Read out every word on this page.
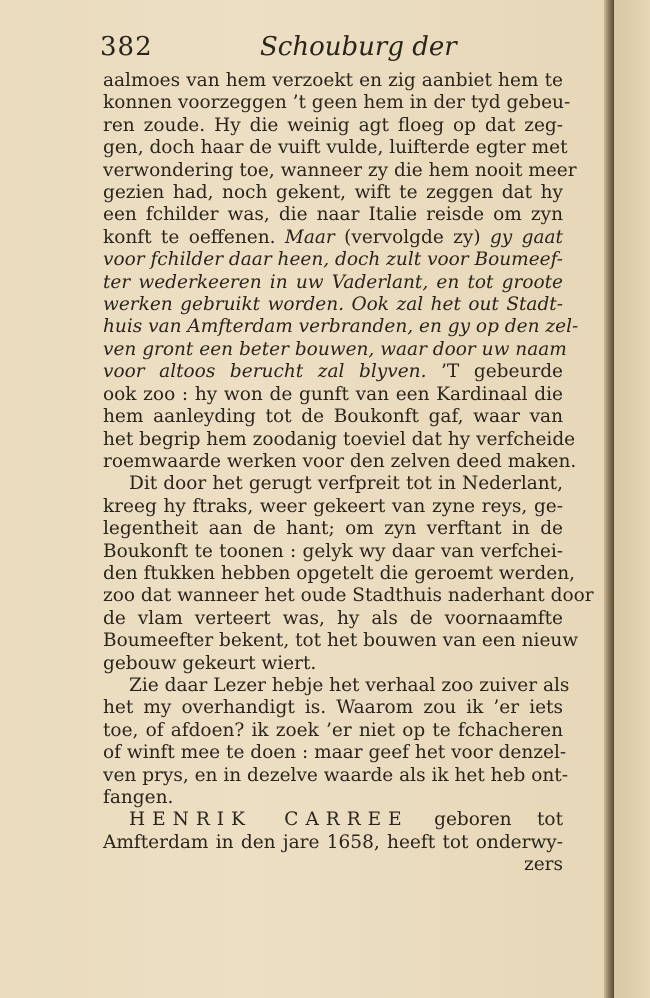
382	Schouburg der
aalmoes van hem verzoekt en zig aanbiet hem te
konnen voorzeggen ’t geen hem in der tyd gebeu-
ren zoude. Hy die weinig agt floeg op dat zeg-
gen, doch haar de vuift vulde, luifterde egter met
verwondering toe, wanneer zy die hem nooit meer
gezien had, noch gekent, wift te zeggen dat hy
een fchilder was, die naar Italie reisde om zyn
konft te oeffenen. Maar (vervolgde zy) gy gaat
voor fchilder daar heen, doch zult voor Boumeef-
ter wederkeeren in uw Vaderlant, en tot groote
werken gebruikt worden. Ook zal het out Stadt-
huis van Amfterdam verbranden, en gy op den zel-
ven gront een beter bouwen, waar door uw naam
voor altoos berucht zal blyven. ’T gebeurde
ook zoo : hy won de gunft van een Kardinaal die
hem aanleyding tot de Boukonft gaf, waar van
het begrip hem zoodanig toeviel dat hy verfcheide
roemwaarde werken voor den zelven deed maken.
Dit door het gerugt verfpreit tot in Nederlant,
kreeg hy ftraks, weer gekeert van zyne reys, ge-
legentheit aan de hant; om zyn verftant in de
Boukonft te toonen : gelyk wy daar van verfchei-
den ftukken hebben opgetelt die geroemt werden,
zoo dat wanneer het oude Stadthuis naderhant door
de vlam verteert was, hy als de voornaamfte
Boumeefter bekent, tot het bouwen van een nieuw
gebouw gekeurt wiert.
Zie daar Lezer hebje het verhaal zoo zuiver als
het my overhandigt is. Waarom zou ik ’er iets
toe, of afdoen? ik zoek ’er niet op te fchacheren
of winft mee te doen : maar geef het voor denzel-
ven prys, en in dezelve waarde als ik het heb ont-
fangen.
HENRIK CARREE geboren tot
Amfterdam in den jare 1658, heeft tot onderwy-
zers
